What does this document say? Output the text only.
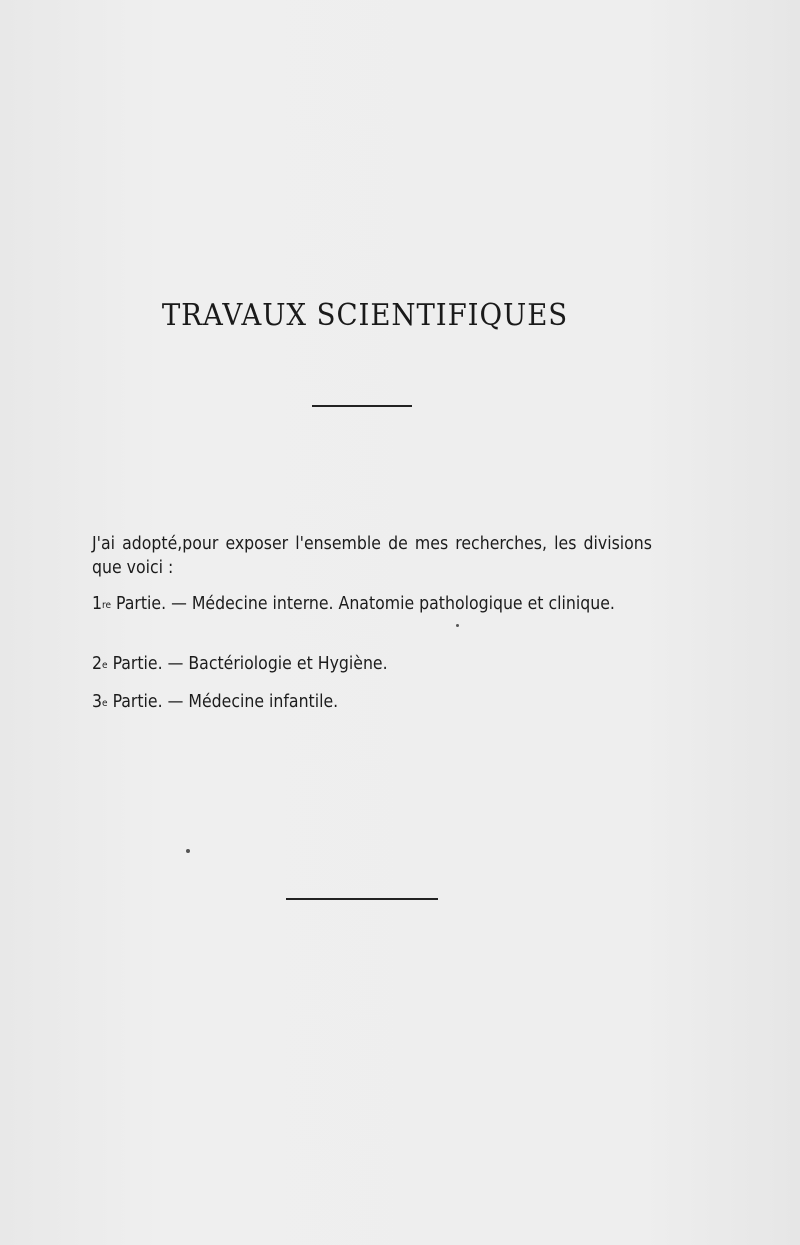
TRAVAUX SCIENTIFIQUES
J'ai adopté,pour exposer l'ensemble de mes recherches, les divisions que voici :
1re Partie. — Médecine interne. Anatomie pathologique et clinique.
2e Partie. — Bactériologie et Hygiène.
3e Partie. — Médecine infantile.
